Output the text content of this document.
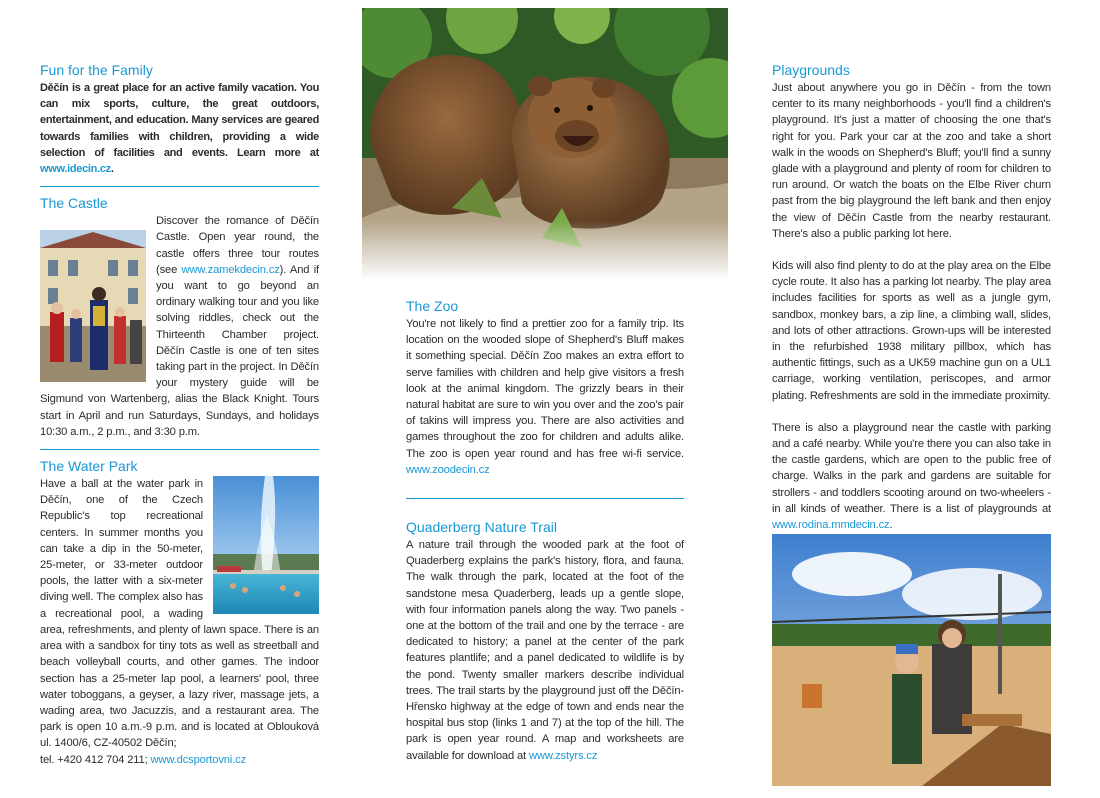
Fun for the Family

Děčín is a great place for an active family vacation. You can mix sports, culture, the great outdoors, entertainment, and education. Many services are geared towards families with children, providing a wide selection of facilities and events. Learn more at www.idecin.cz.

The Castle

Discover the romance of Děčín Castle. Open year round, the castle offers three tour routes (see www.zamekdecin.cz). And if you want to go beyond an ordinary walking tour and you like solving riddles, check out the Thirteenth Chamber project. Děčín Castle is one of ten sites taking part in the project. In Děčín your mystery guide will be Sigmund von Wartenberg, alias the Black Knight. Tours start in April and run Saturdays, Sundays, and holidays 10:30 a.m., 2 p.m., and 3:30 p.m.

The Water Park

Have a ball at the water park in Děčín, one of the Czech Republic's top recreational centers. In summer months you can take a dip in the 50-meter, 25-meter, or 33-meter outdoor pools, the latter with a six-meter diving well. The complex also has a recreational pool, a wading area, refreshments, and plenty of lawn space. There is an area with a sandbox for tiny tots as well as streetball and beach volleyball courts, and other games. The indoor section has a 25-meter lap pool, a learners' pool, three water toboggans, a geyser, a lazy river, massage jets, a wading area, two Jacuzzis, and a restaurant area. The park is open 10 a.m.-9 p.m. and is located at Oblouková ul. 1400/6, CZ-40502 Děčín;
tel. +420 412 704 211; www.dcsportovni.cz

The Zoo

You're not likely to find a prettier zoo for a family trip. Its location on the wooded slope of Shepherd's Bluff makes it something special. Děčín Zoo makes an extra effort to serve families with children and help give visitors a fresh look at the animal kingdom. The grizzly bears in their natural habitat are sure to win you over and the zoo's pair of takins will impress you. There are also activities and games throughout the zoo for children and adults alike. The zoo is open year round and has free wi-fi service. www.zoodecin.cz

Quaderberg Nature Trail

A nature trail through the wooded park at the foot of Quaderberg explains the park's history, flora, and fauna. The walk through the park, located at the foot of the sandstone mesa Quaderberg, leads up a gentle slope, with four information panels along the way. Two panels - one at the bottom of the trail and one by the terrace - are dedicated to history; a panel at the center of the park features plantlife; and a panel dedicated to wildlife is by the pond. Twenty smaller markers describe individual trees. The trail starts by the playground just off the Děčín-Hřensko highway at the edge of town and ends near the hospital bus stop (links 1 and 7) at the top of the hill. The park is open year round. A map and worksheets are available for download at www.zstyrs.cz

Playgrounds

Just about anywhere you go in Děčín - from the town center to its many neighborhoods - you'll find a children's playground. It's just a matter of choosing the one that's right for you. Park your car at the zoo and take a short walk in the woods on Shepherd's Bluff; you'll find a sunny glade with a playground and plenty of room for children to run around. Or watch the boats on the Elbe River churn past from the big playground the left bank and then enjoy the view of Děčín Castle from the nearby restaurant. There's also a public parking lot here.

Kids will also find plenty to do at the play area on the Elbe cycle route. It also has a parking lot nearby. The play area includes facilities for sports as well as a jungle gym, sandbox, monkey bars, a zip line, a climbing wall, slides, and lots of other attractions. Grown-ups will be interested in the refurbished 1938 military pillbox, which has authentic fittings, such as a UK59 machine gun on a UL1 carriage, working ventilation, periscopes, and armor plating. Refreshments are sold in the immediate proximity.

There is also a playground near the castle with parking and a café nearby. While you're there you can also take in the castle gardens, which are open to the public free of charge. Walks in the park and gardens are suitable for strollers - and toddlers scooting around on two-wheelers - in all kinds of weather. There is a list of playgrounds at www.rodina.mmdecin.cz.
